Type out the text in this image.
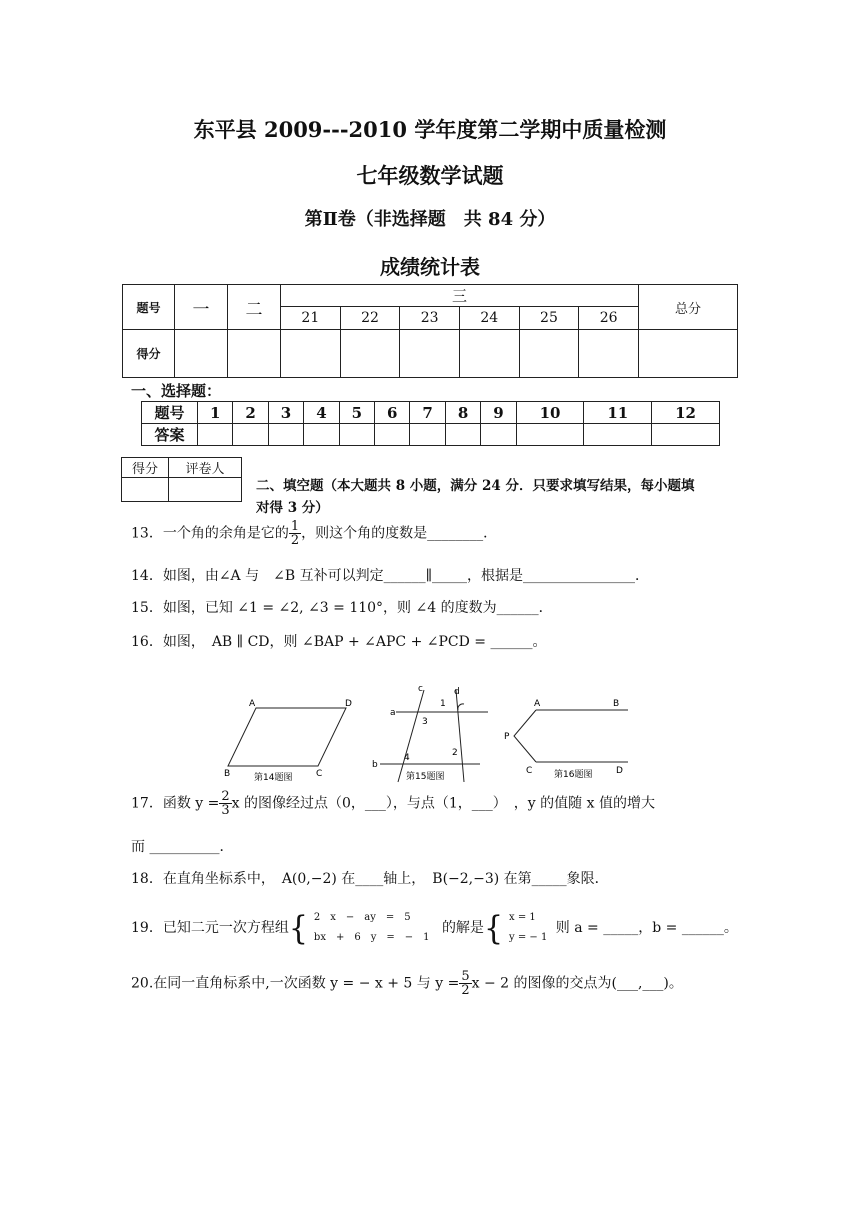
东平县 2009---2010 学年度第二学期中质量检测
七年级数学试题
第Ⅱ卷（非选择题　共 84 分）
成绩统计表
题号	一	二	三						总分
			21	22	23	24	25	26	
得分									
一、选择题：
题号	1	2	3	4	5	6	7	8	9	10	11	12
答案												
得分	评卷人

二、填空题（本大题共 8 小题，满分 24 分．只要求填写结果，每小题填
对得 3 分）
13．一个角的余角是它的 $\frac{1}{2}$ ，则这个角的度数是________．
14．如图，由∠A 与　∠B 互补可以判定______∥_____，根据是________________．
15．如图，已知 ∠1 = ∠2, ∠3 = 110°，则 ∠4 的度数为______．
16．如图，　AB ∥ CD，则 ∠BAP + ∠APC + ∠PCD = ______。
A	D
B	C
第14题图
a
b
c	d
1
2
3
4
第15题图
A	B
P
C	D
第16题图
17．函数 $y = \frac{2}{3}$ x 的图像经过点（0，___），与点（1，___）　，y 的值随 x 值的增大
而 __________．
18．在直角坐标系中，　A(0,−2) 在____轴上，　B(−2,−3) 在第_____象限．
19．已知二元一次方程组{ 2　x　−　ay　=　5
bx　+　6　y　=　−　1
的解是{ x = 1
y = − 1
则 a = _____，b = ______。
20.在同一直角标系中,一次函数 y = − x + 5 与 $y = \frac{5}{2}$ x − 2 的图像的交点为(___,___)。
